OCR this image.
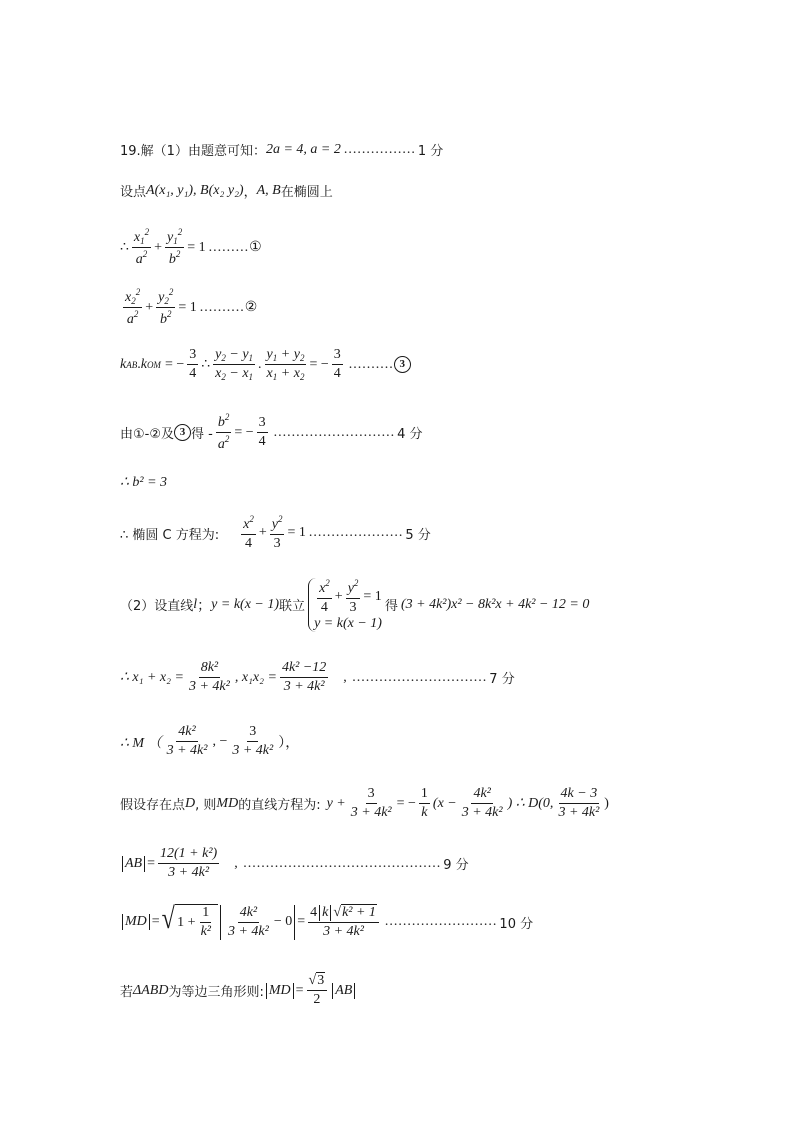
19.解（1）由题意可知： 2a = 4, a = 2 ................ 1 分
设点 A(x₁, y₁), B(x₂ y₂) ， A, B 在椭圆上
∴
$x_1^2$
$a^2 + \frac{y_1^2}{b^2} = 1$ ......... ①
$x_2^2$
$a^2 + \frac{y_2^2}{b^2} = 1$ .......... ②
k AB . k OM = − $\frac{3}{4}$ ∴
$y_2 - y_1$
$x_2 - x_1$
. $\frac{y_1 + y_2}{x_1 + x_2}$ = − $\frac{3}{4}$ .......... 3
由①-②及 3 得 - $\frac{b^2}{a^2}$ = − $\frac{3}{4}$ ........................... 4 分
∴ b² = 3
∴ 椭圆 C 方程为:
$x^2$
4
+ $\frac{y^2}{3} = 1$ ..................... 5 分
（2）设直线 l ； y = k(x − 1) 联立
$x^2$
4
+ $\frac{y^2}{3} = 1$
y = k(x − 1)
得 (3 + 4k²)x² − 8k²x + 4k² − 12 = 0
∴ $x_1 + x_2 = \frac{\text{8k²}}{\text{3 + 4k²}}$ , $x_1x_2 = \frac{\text{4k² −12}}{\text{3 + 4k²}}$ , .............................. 7 分
∴ M （ $\frac{\text{4k²}}{\text{3 + 4k²}}$ , − $\frac{3}{\text{3 + 4k²}}$ ），
假设存在点 D , 则 MD 的直线方程为: $y + \frac{3}{\text{3 + 4k²}}$ = − $\frac{1}{k} (x - \frac{\text{4k²}}{\text{3 + 4k²}}$ ) ∴ D(0, $\frac{4k - 3}{\text{3 + 4k²}}$ )
AB = $\frac{\text{12(1 + k²)}}{\text{3 + 4k²}}$ , ............................................ 9 分
MD = √ $1 + \frac{1}{\text{k²}} \frac{\text{4k²}}{\text{3 + 4k²}} - 0 = \frac{\text{4 k √ k² + 1}}{\text{3 + 4k²}}$ ......................... 10 分
若 ΔABD 为等边三角形则: MD = $\frac{√3}{2}$ AB
